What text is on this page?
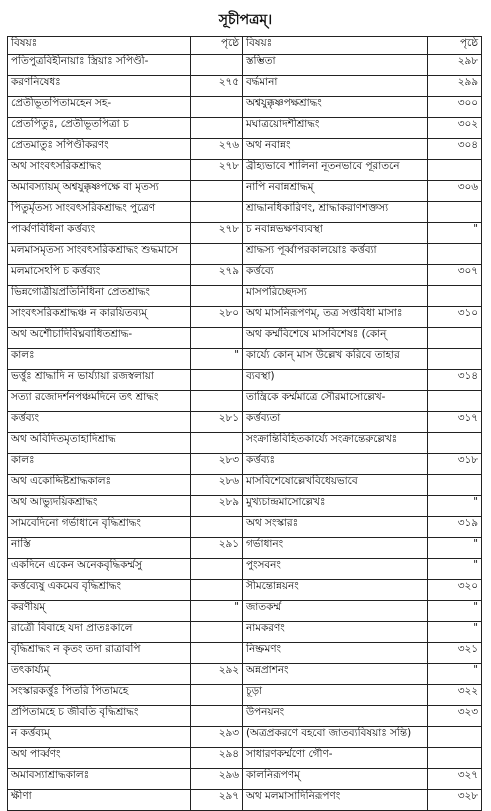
সূচীপত্রম্।
বিষয়ঃ	পৃষ্ঠে	বিষয়ঃ	পৃষ্ঠে
পতিপুত্রবিহীনায়াঃ স্ত্রিয়াঃ সপিণ্ডী-		স্তম্ভিতা	২৯৮
করণনিষেধঃ	২৭৫	বৰ্দ্ধমানা	২৯৯
প্রেতীভূতপিতামহেন সহ-		অশ্বযুক্কৃষ্ণপক্ষশ্রাদ্ধং	৩০০
প্রেতপিতুঃ, প্রেতীভূতপিত্রা চ		মঘাত্রয়োদশীশ্রাদ্ধং	৩০২
প্রেতমাতুঃ সপিণ্ডীকরণং	২৭৬	অথ নবান্নং	৩০৪
অথ সাংবৎসরিকশ্রাদ্ধং	২৭৮	ব্রীহ্যভাবে শালিনা নূতনভাবে পূরাতনে	
অমাবস্যায়ম্ অশ্বযুক্কৃষ্ণপক্ষে বা মৃতস্য		নাপি নবান্নশ্রাদ্ধম্	৩০৬
পিতুর্মৃতস্য সাংবৎসরিকশ্রাদ্ধং পুত্রেণ		শ্রাদ্ধানধিকারিণং, শ্রাদ্ধাকরাণশক্তস্য	
পার্ব্বণবিধিনা কর্ত্তব্যং	২৭৮	চ নবান্নভক্ষণব্যবস্থা	"
মলমাসমৃতস্য সাংবৎসরিকশ্রাদ্ধং শুদ্ধমাসে		শ্রাদ্ধস্য পূর্ব্বাপরকালয়োঃ কর্ত্তব্যা	
মলমাসেঽপি চ কর্ত্তব্যং	২৭৯	কৰ্ত্তব্যে	৩০৭
ভিন্নগোত্রীয়প্রতিনিধিনা প্রেতশ্রাদ্ধং		মাসপরিচ্ছেদস্য	
সাংবৎসরিকশ্রাদ্ধঞ্চ ন কারয়িতব্যম্	২৮০	অথ মাসনিরূপণম্, তত্র সপ্তবিধা মাসাঃ	৩১০
অথ অশৌচাদিবিঘ্নবাধিতশ্রাদ্ধ-		অথ কর্ম্মবিশেষে মাসবিশেষঃ (কোন্	
কালঃ	"	কার্য্যে কোন্ মাস উল্লেখ করিবে তাহার	
ভর্ত্তুঃ শ্রাদ্ধাদি ন ভার্য্যায়া রজস্বলায়া		ব্যবস্থা)	৩১৪
সত্যা রজোদর্শনপঞ্চমদিনে তৎ শ্রাদ্ধং		তান্ত্রিকে কর্ম্মমাত্রে সৌরমাসোল্লেখ-	
কর্ত্তব্যং	২৮১	কর্ত্তব্যতা	৩১৭
অথ অবিদিতমৃতাহাদিশ্রাদ্ধ		সংক্রান্তিবিহিতকার্য্যে সংক্রান্তেরুল্লেখঃ	
কালঃ	২৮৩	কর্ত্তব্যঃ	৩১৮
অথ একোদ্দিষ্টশ্রাদ্ধকালঃ	২৮৬	মাসবিশেষোল্লেখবিধেয়ভাবে	
অথ আভ্যুদয়িকশ্রাদ্ধং	২৮৯	মুখ্যচান্দ্রমাসোল্লেখঃ	"
সামবেদিনো গর্ভাধানে বৃদ্ধিশ্রাদ্ধং		অথ সংস্কারঃ	৩১৯
নাস্তি	২৯১	গর্ভাধানং	"
একদিনে একেন অনেকবৃদ্ধিকর্ম্মসু		পুংসবনং	"
কর্ত্তব্যেষু একমেব বৃদ্ধিশ্রাদ্ধং		সীমন্তোন্নয়নং	৩২০
করণীয়ম্	"	জাতকর্ম্ম	"
রাত্রৌ বিবাহে যদা প্রাতঃকালে		নামকরণং	"
বৃদ্ধিশ্রাদ্ধং ন কৃতং তদা রাত্রাবপি		নিষ্ক্রমণং	৩২১
তৎকার্য্যম্	২৯২	অন্নপ্রাশনং	"
সংস্কারকর্ত্তুঃ পিতরি পিতামহে		চূড়া	৩২২
প্রপিতামহে চ জীবতি বৃদ্ধিশ্রাদ্ধং		উপনয়নং	৩২৩
ন কর্ত্তব্যম্	২৯৩	(অত্রপ্রকরণে বহবো জাতব্যবিষয়াঃ সন্তি)	
অথ পার্ব্বণং	২৯৪	সাধারণকর্ম্মণো গৌণ-	
অমাবস্যাশ্রাদ্ধকালঃ	২৯৬	কালনিরূপণম্	৩২৭
ক্ষীণা	২৯৭	অথ মলমাসাদিনিরূপণং	৩২৮
